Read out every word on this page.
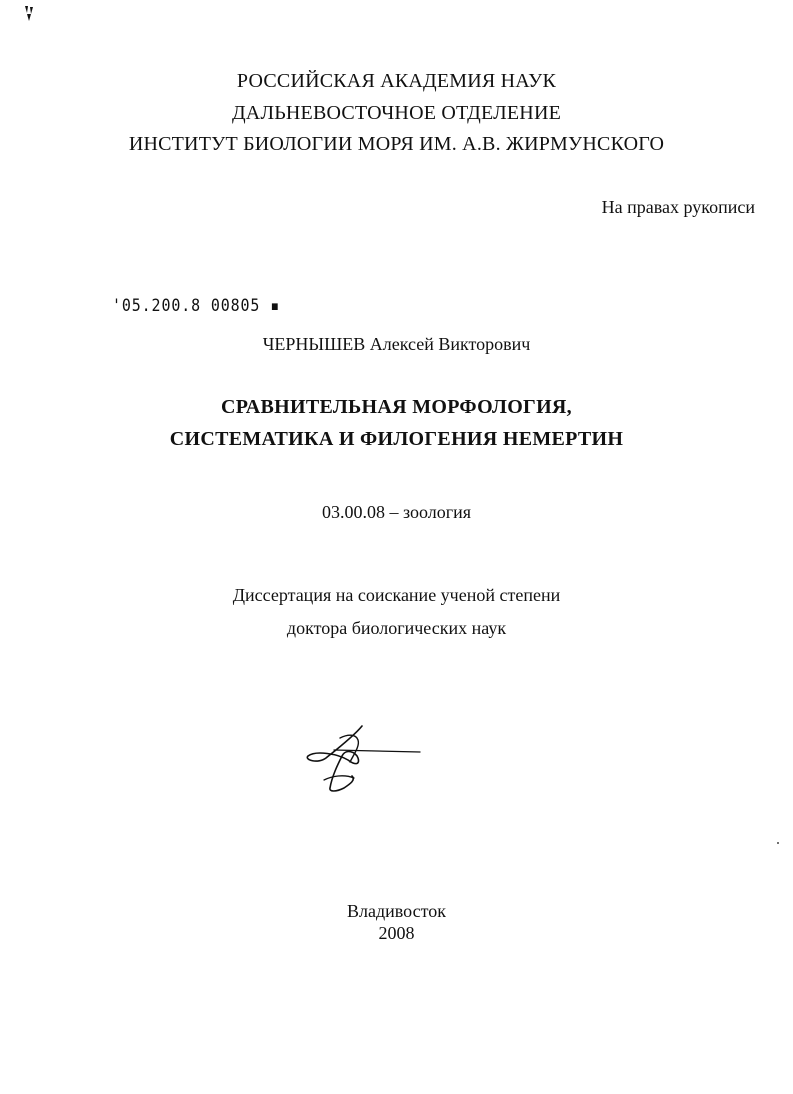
РОССИЙСКАЯ АКАДЕМИЯ НАУК
ДАЛЬНЕВОСТОЧНОЕ ОТДЕЛЕНИЕ
ИНСТИТУТ БИОЛОГИИ МОРЯ ИМ. А.В. ЖИРМУНСКОГО
На правах рукописи
'05.200.8 00805 ▪
ЧЕРНЫШЕВ Алексей Викторович
СРАВНИТЕЛЬНАЯ МОРФОЛОГИЯ,
СИСТЕМАТИКА И ФИЛОГЕНИЯ НЕМЕРТИН
03.00.08 – зоология
Диссертация на соискание ученой степени
доктора биологических наук
Владивосток
2008
